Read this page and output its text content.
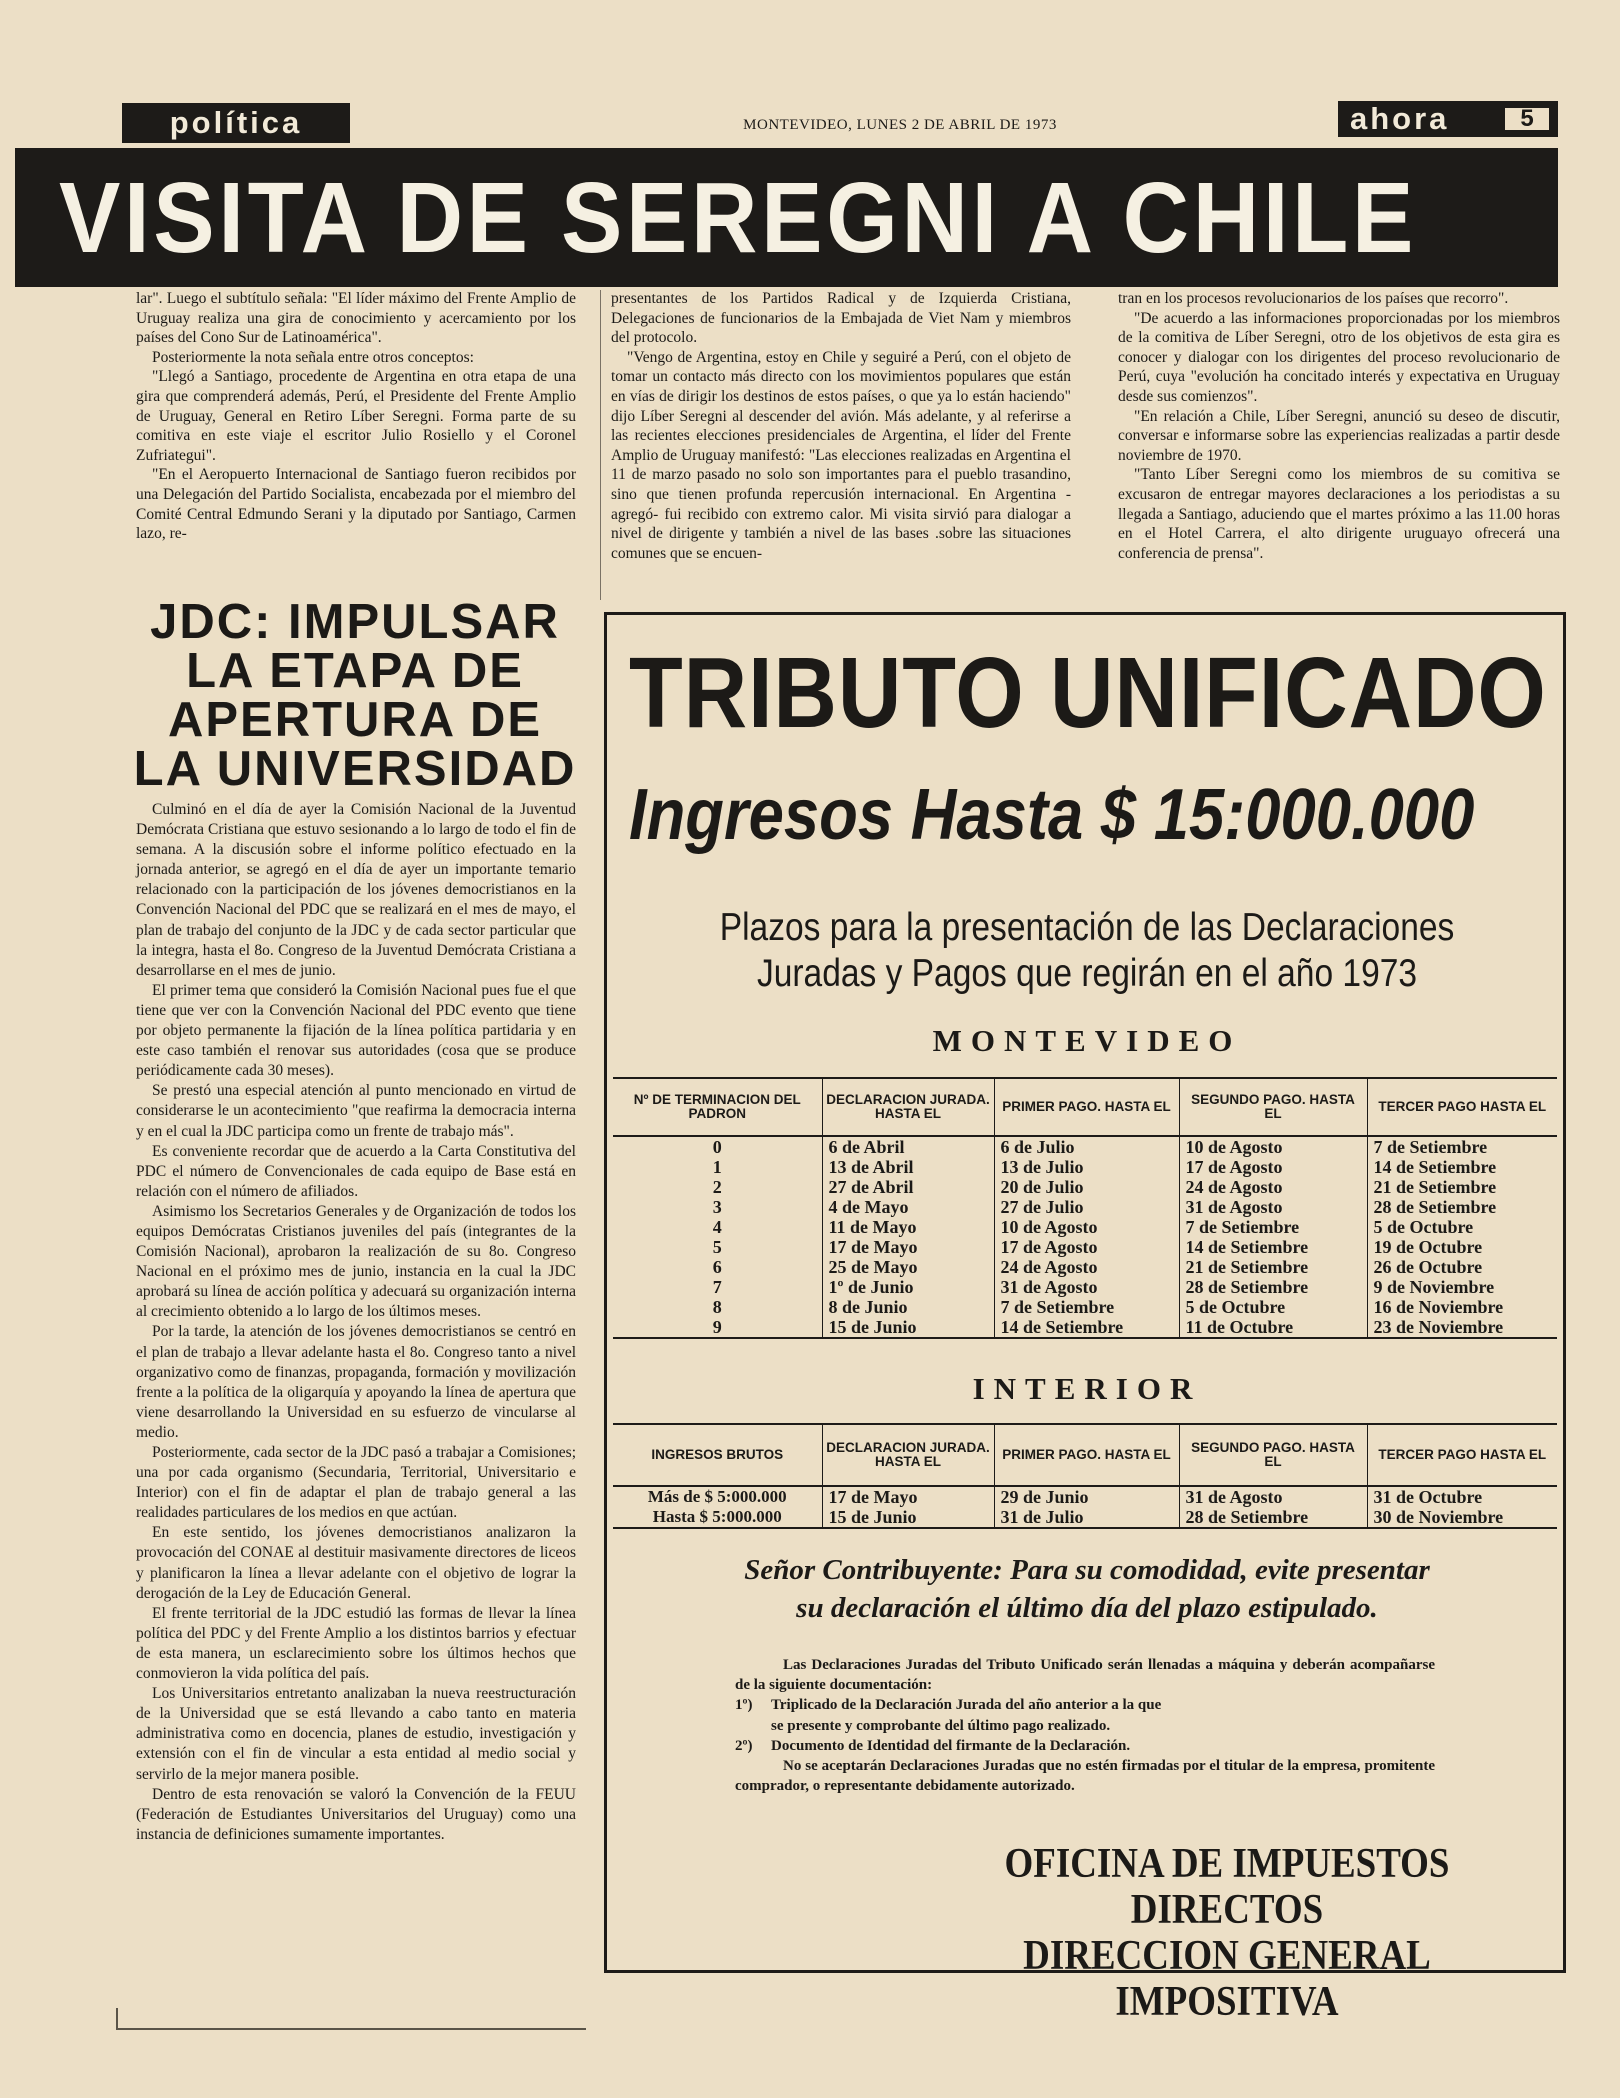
política	MONTEVIDEO, LUNES 2 DE ABRIL DE 1973	ahora	5
VISITA DE SEREGNI A CHILE

lar". Luego el subtítulo señala: "El líder máximo del Frente Amplio de Uruguay realiza una gira de conocimiento y acercamiento por los países del Cono Sur de Latinoamérica".

Posteriormente la nota señala entre otros conceptos:

"Llegó a Santiago, procedente de Argentina en otra etapa de una gira que comprenderá además, Perú, el Presidente del Frente Amplio de Uruguay, General en Retiro Líber Seregni. Forma parte de su comitiva en este viaje el escritor Julio Rosiello y el Coronel Zufriategui".

"En el Aeropuerto Internacional de Santiago fueron recibidos por una Delegación del Partido Socialista, encabezada por el miembro del Comité Central Edmundo Serani y la diputado por Santiago, Carmen lazo, re-

presentantes de los Partidos Radical y de Izquierda Cristiana, Delegaciones de funcionarios de la Embajada de Viet Nam y miembros del protocolo.

"Vengo de Argentina, estoy en Chile y seguiré a Perú, con el objeto de tomar un contacto más directo con los movimientos populares que están en vías de dirigir los destinos de estos países, o que ya lo están haciendo" dijo Líber Seregni al descender del avión. Más adelante, y al referirse a las recientes elecciones presidenciales de Argentina, el líder del Frente Amplio de Uruguay manifestó: "Las elecciones realizadas en Argentina el 11 de marzo pasado no solo son importantes para el pueblo trasandino, sino que tienen profunda repercusión internacional. En Argentina -agregó- fui recibido con extremo calor. Mi visita sirvió para dialogar a nivel de dirigente y también a nivel de las bases .sobre las situaciones comunes que se encuen-

tran en los procesos revolucionarios de los países que recorro".

"De acuerdo a las informaciones proporcionadas por los miembros de la comitiva de Líber Seregni, otro de los objetivos de esta gira es conocer y dialogar con los dirigentes del proceso revolucionario de Perú, cuya "evolución ha concitado interés y expectativa en Uruguay desde sus comienzos".

"En relación a Chile, Líber Seregni, anunció su deseo de discutir, conversar e informarse sobre las experiencias realizadas a partir desde noviembre de 1970.

"Tanto Líber Seregni como los miembros de su comitiva se excusaron de entregar mayores declaraciones a los periodistas a su llegada a Santiago, aduciendo que el martes próximo a las 11.00 horas en el Hotel Carrera, el alto dirigente uruguayo ofrecerá una conferencia de prensa".

JDC: IMPULSAR
LA ETAPA DE
APERTURA DE
LA UNIVERSIDAD

Culminó en el día de ayer la Comisión Nacional de la Juventud Demócrata Cristiana que estuvo sesionando a lo largo de todo el fin de semana. A la discusión sobre el informe político efectuado en la jornada anterior, se agregó en el día de ayer un importante temario relacionado con la participación de los jóvenes democristianos en la Convención Nacional del PDC que se realizará en el mes de mayo, el plan de trabajo del conjunto de la JDC y de cada sector particular que la integra, hasta el 8o. Congreso de la Juventud Demócrata Cristiana a desarrollarse en el mes de junio.

El primer tema que consideró la Comisión Nacional pues fue el que tiene que ver con la Convención Nacional del PDC evento que tiene por objeto permanente la fijación de la línea política partidaria y en este caso también el renovar sus autoridades (cosa que se produce periódicamente cada 30 meses).

Se prestó una especial atención al punto mencionado en virtud de considerarse le un acontecimiento "que reafirma la democracia interna y en el cual la JDC participa como un frente de trabajo más".

Es conveniente recordar que de acuerdo a la Carta Constitutiva del PDC el número de Convencionales de cada equipo de Base está en relación con el número de afiliados.

Asimismo los Secretarios Generales y de Organización de todos los equipos Demócratas Cristianos juveniles del país (integrantes de la Comisión Nacional), aprobaron la realización de su 8o. Congreso Nacional en el próximo mes de junio, instancia en la cual la JDC aprobará su línea de acción política y adecuará su organización interna al crecimiento obtenido a lo largo de los últimos meses.

Por la tarde, la atención de los jóvenes democristianos se centró en el plan de trabajo a llevar adelante hasta el 8o. Congreso tanto a nivel organizativo como de finanzas, propaganda, formación y movilización frente a la política de la oligarquía y apoyando la línea de apertura que viene desarrollando la Universidad en su esfuerzo de vincularse al medio.

Posteriormente, cada sector de la JDC pasó a trabajar a Comisiones; una por cada organismo (Secundaria, Territorial, Universitario e Interior) con el fin de adaptar el plan de trabajo general a las realidades particulares de los medios en que actúan.

En este sentido, los jóvenes democristianos analizaron la provocación del CONAE al destituir masivamente directores de liceos y planificaron la línea a llevar adelante con el objetivo de lograr la derogación de la Ley de Educación General.

El frente territorial de la JDC estudió las formas de llevar la línea política del PDC y del Frente Amplio a los distintos barrios y efectuar de esta manera, un esclarecimiento sobre los últimos hechos que conmovieron la vida política del país.

Los Universitarios entretanto analizaban la nueva reestructuración de la Universidad que se está llevando a cabo tanto en materia administrativa como en docencia, planes de estudio, investigación y extensión con el fin de vincular a esta entidad al medio social y servirlo de la mejor manera posible.

Dentro de esta renovación se valoró la Convención de la FEUU (Federación de Estudiantes Universitarios del Uruguay) como una instancia de definiciones sumamente importantes.

TRIBUTO UNIFICADO
Ingresos Hasta $ 15:000.000
Plazos para la presentación de las Declaraciones
Juradas y Pagos que regirán en el año 1973
MONTEVIDEO
Nº DE TERMINACION DEL PADRON	DECLARACION JURADA. HASTA EL	PRIMER PAGO. HASTA EL	SEGUNDO PAGO. HASTA EL	TERCER PAGO HASTA EL
0	6 de Abril	6 de Julio	10 de Agosto	7 de Setiembre
1	13 de Abril	13 de Julio	17 de Agosto	14 de Setiembre
2	27 de Abril	20 de Julio	24 de Agosto	21 de Setiembre
3	4 de Mayo	27 de Julio	31 de Agosto	28 de Setiembre
4	11 de Mayo	10 de Agosto	7 de Setiembre	5 de Octubre
5	17 de Mayo	17 de Agosto	14 de Setiembre	19 de Octubre
6	25 de Mayo	24 de Agosto	21 de Setiembre	26 de Octubre
7	1º de Junio	31 de Agosto	28 de Setiembre	9 de Noviembre
8	8 de Junio	7 de Setiembre	5 de Octubre	16 de Noviembre
9	15 de Junio	14 de Setiembre	11 de Octubre	23 de Noviembre
INTERIOR
INGRESOS BRUTOS	DECLARACION JURADA. HASTA EL	PRIMER PAGO. HASTA EL	SEGUNDO PAGO. HASTA EL	TERCER PAGO HASTA EL
Más de $ 5:000.000	17 de Mayo	29 de Junio	31 de Agosto	31 de Octubre
Hasta $ 5:000.000	15 de Junio	31 de Julio	28 de Setiembre	30 de Noviembre
Señor Contribuyente: Para su comodidad, evite presentar
su declaración el último día del plazo estipulado.

Las Declaraciones Juradas del Tributo Unificado serán llenadas a máquina y deberán acompañarse de la siguiente documentación:

1º) Triplicado de la Declaración Jurada del año anterior a la que
se presente y comprobante del último pago realizado.

2º) Documento de Identidad del firmante de la Declaración.

No se aceptarán Declaraciones Juradas que no estén firmadas por el titular de la empresa, promitente comprador, o representante debidamente autorizado.

OFICINA DE IMPUESTOS DIRECTOS
DIRECCION GENERAL IMPOSITIVA
